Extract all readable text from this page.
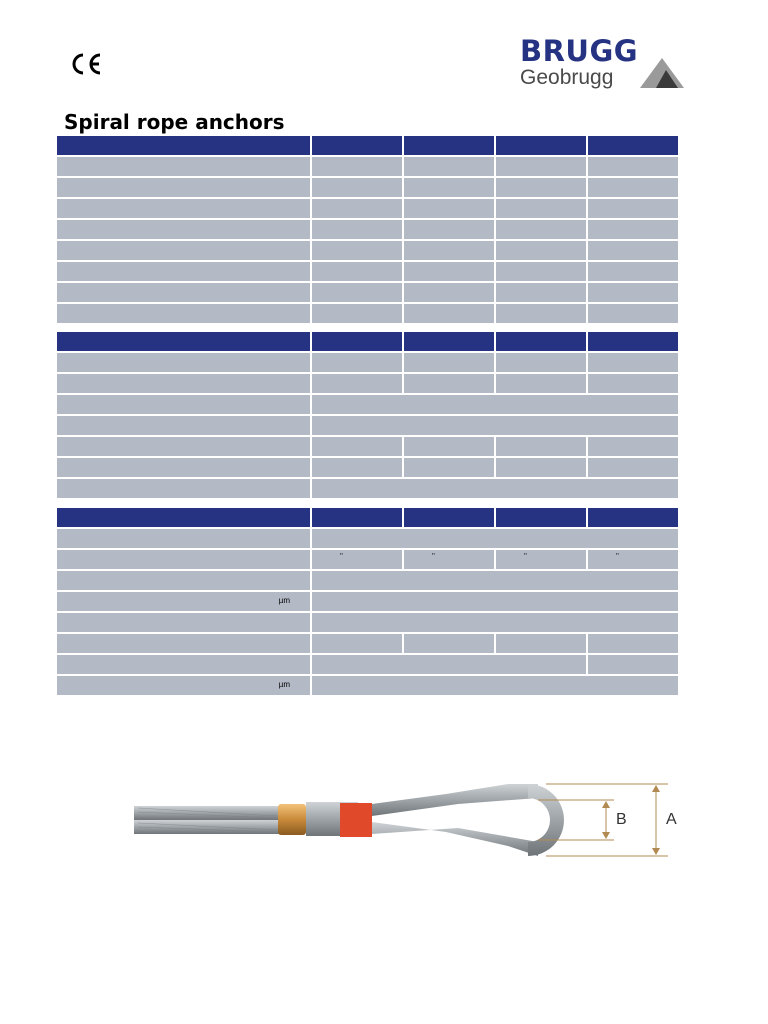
BRUGG
Geobrugg
Spiral rope anchors
"	"	"	"
µm
µm
B A
